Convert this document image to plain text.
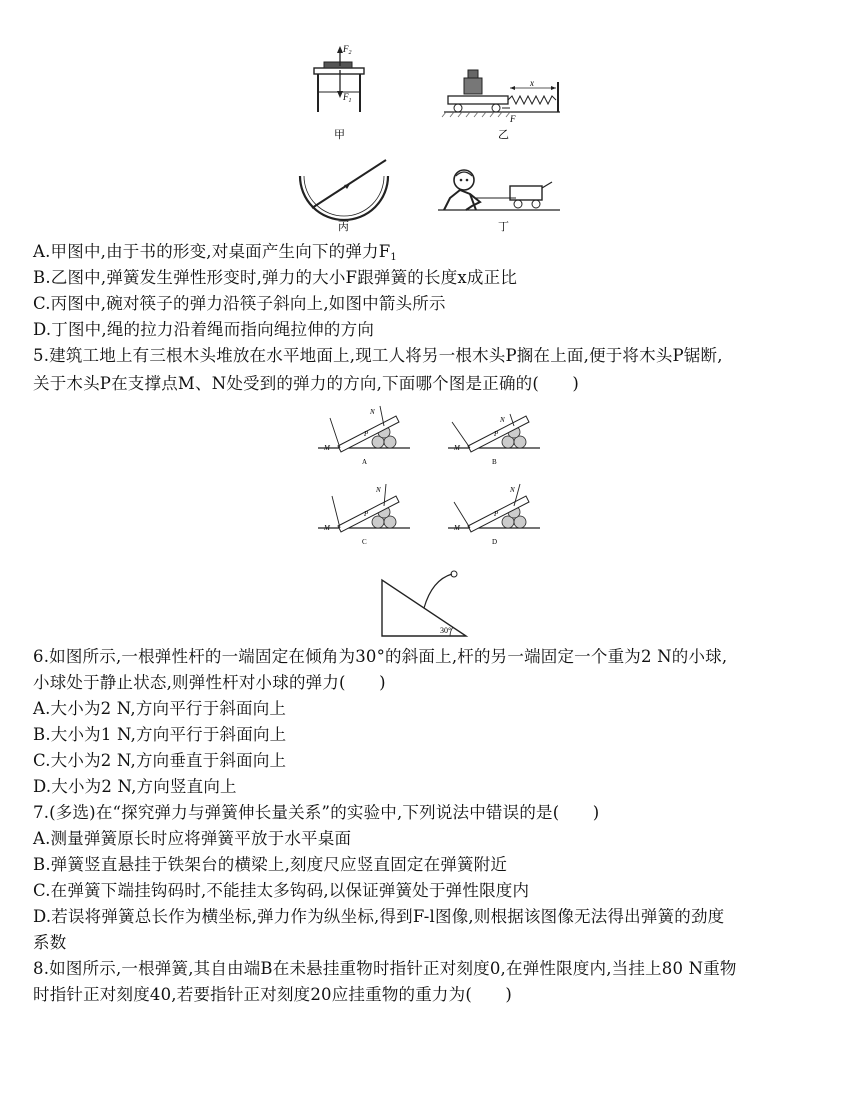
$F_2$
$F_1$
甲
x
F
乙
丙	丁
M
N
P
A
M
N
P
B
M
N
P
C
M
N
P
D
30°
A.甲图中,由于书的形变,对桌面产生向下的弹力$F_1$
B.乙图中,弹簧发生弹性形变时,弹力的大小F跟弹簧的长度x成正比
C.丙图中,碗对筷子的弹力沿筷子斜向上,如图中箭头所示
D.丁图中,绳的拉力沿着绳而指向绳拉伸的方向
5.建筑工地上有三根木头堆放在水平地面上,现工人将另一根木头P搁在上面,便于将木头P锯断,
关于木头P在支撑点M、N处受到的弹力的方向,下面哪个图是正确的(　　)
6.如图所示,一根弹性杆的一端固定在倾角为30°的斜面上,杆的另一端固定一个重为2 N的小球,
小球处于静止状态,则弹性杆对小球的弹力(　　)
A.大小为2 N,方向平行于斜面向上
B.大小为1 N,方向平行于斜面向上
C.大小为2 N,方向垂直于斜面向上
D.大小为2 N,方向竖直向上
7.(多选)在“探究弹力与弹簧伸长量关系”的实验中,下列说法中错误的是(　　)
A.测量弹簧原长时应将弹簧平放于水平桌面
B.弹簧竖直悬挂于铁架台的横梁上,刻度尺应竖直固定在弹簧附近
C.在弹簧下端挂钩码时,不能挂太多钩码,以保证弹簧处于弹性限度内
D.若误将弹簧总长作为横坐标,弹力作为纵坐标,得到F-l图像,则根据该图像无法得出弹簧的劲度
系数
8.如图所示,一根弹簧,其自由端B在未悬挂重物时指针正对刻度0,在弹性限度内,当挂上80 N重物
时指针正对刻度40,若要指针正对刻度20应挂重物的重力为(　　)
